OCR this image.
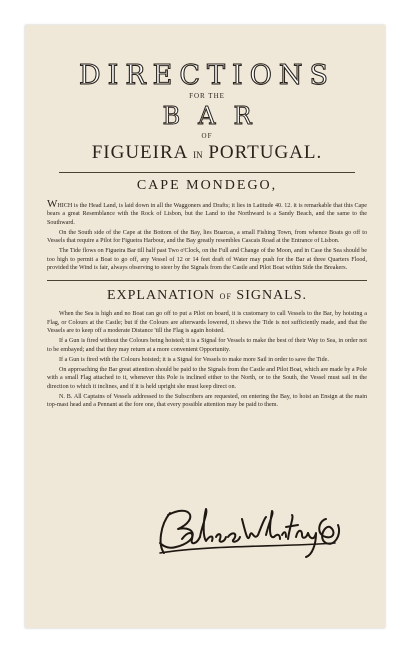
DIRECTIONS
FOR THE
BAR
OF
FIGUEIRA IN PORTUGAL.
CAPE MONDEGO,

WHICH is the Head Land, is laid down in all the Waggoners and Drafts; it lies in Latitude 40. 12. it is remarkable that this Cape bears a great Resemblance with the Rock of Lisbon, but the Land to the Northward is a Sandy Beach, and the same to the Southward.

On the South side of the Cape at the Bottom of the Bay, lies Buarcas, a small Fishing Town, from whence Boats go off to Vessels that require a Pilot for Figueira Harbour, and the Bay greatly resembles Cascais Road at the Entrance of Lisbon.

The Tide flows on Figueira Bar till half past Two o'Clock, on the Full and Change of the Moon, and in Case the Sea should be too high to permit a Boat to go off, any Vessel of 12 or 14 feet draft of Water may push for the Bar at three Quarters Flood, provided the Wind is fair, always observing to steer by the Signals from the Castle and Pilot Boat within Side the Breakers.

EXPLANATION OF SIGNALS.

When the Sea is high and no Boat can go off to put a Pilot on board, it is customary to call Vessels to the Bar, by hoisting a Flag, or Colours at the Castle; but if the Colours are afterwards lowered, it shews the Tide is not sufficiently made, and that the Vessels are to keep off a moderate Distance 'till the Flag is again hoisted.

If a Gun is fired without the Colours being hoisted; it is a Signal for Vessels to make the best of their Way to Sea, in order not to be embayed; and that they may return at a more convenient Opportunity.

If a Gun is fired with the Colours hoisted; it is a Signal for Vessels to make more Sail in order to save the Tide.

On approaching the Bar great attention should be paid to the Signals from the Castle and Pilot Boat, which are made by a Pole with a small Flag attached to it, whenever this Pole is inclined either to the North, or to the South, the Vessel must sail in the direction to which it inclines, and if it is held upright she must keep direct on.

N. B. All Captains of Vessels addressed to the Subscribers are requested, on entering the Bay, to hoist an Ensign at the main top-mast head and a Pennant at the fore one, that every possible attention may be paid to them.
